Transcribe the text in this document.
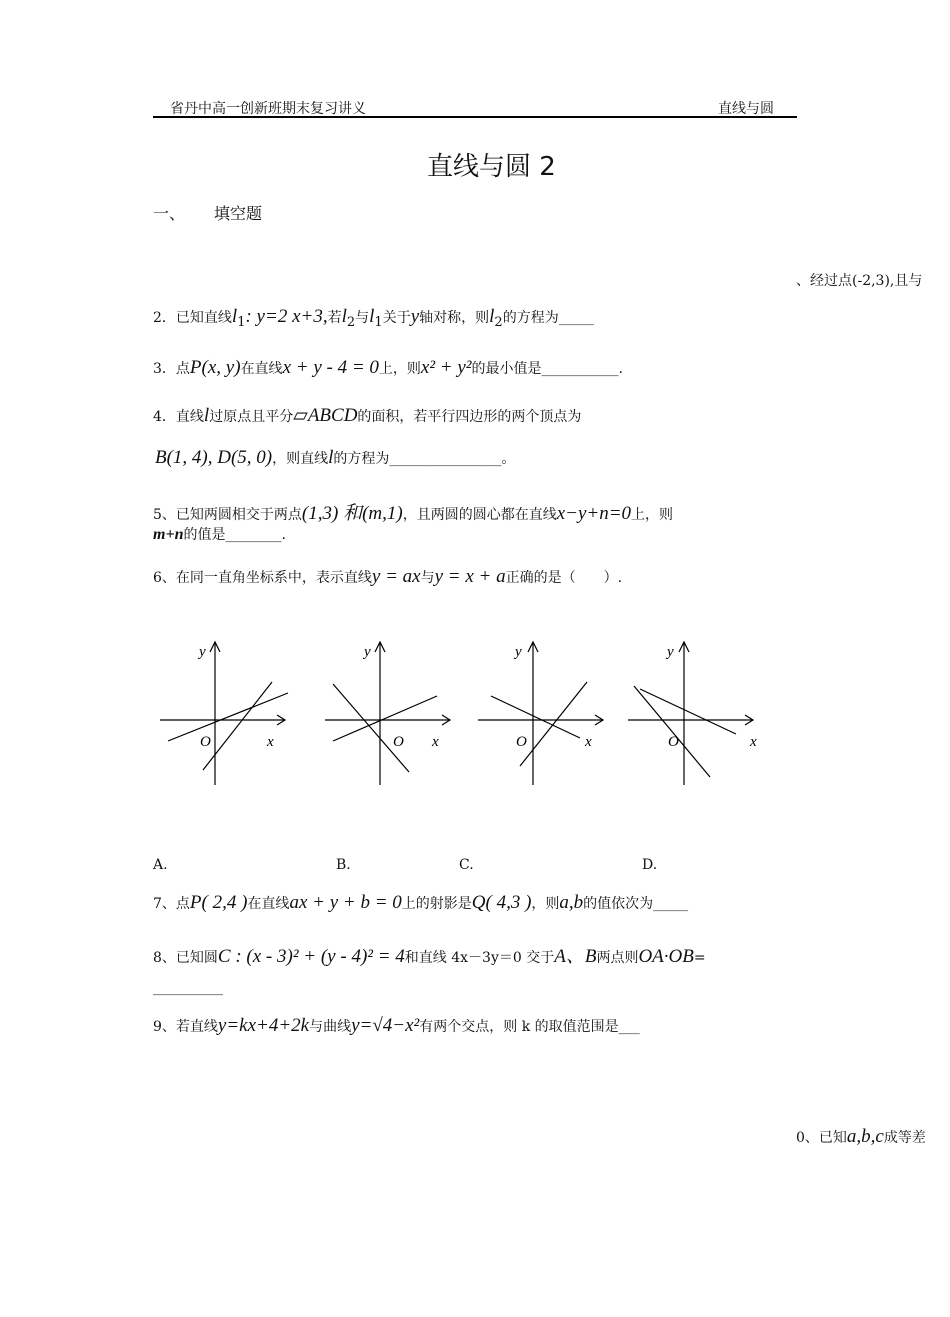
省丹中高一创新班期末复习讲义	直线与圆
直线与圆 2
一、 填空题
、经过点(-2,3),且与
2．已知直线$l_1$: y=2 x+3,若$l_2$与$l_1$关于y轴对称，则$l_2$的方程为_____
3．点P(x, y)在直线x + y - 4 = 0上，则x² + y²的最小值是___________.
4．直线l过原点且平分▱ABCD的面积，若平行四边形的两个顶点为
B(1, 4), D(5, 0)，则直线l的方程为________________。
5、已知两圆相交于两点(1,3) 和(m,1)，且两圆的圆心都在直线x−y+n=0上，则
m+n的值是________.
6、在同一直角坐标系中，表示直线y = ax与y = x + a正确的是（　　）.
y
O	x
y
O x
y
O	x
y
O	x
A.	B.	C.	D.
7、点P( 2,4 )在直线ax + y + b = 0上的射影是Q( 4,3 )，则a,b的值依次为_____
8、已知圆C : (x - 3)² + (y - 4)² = 4和直线 4x－3y＝0 交于A、B两点则OA·OB=
__________
9、若直线y=kx+4+2k与曲线y=√4−x²有两个交点，则 k 的取值范围是___
0、已知a,b,c成等差
